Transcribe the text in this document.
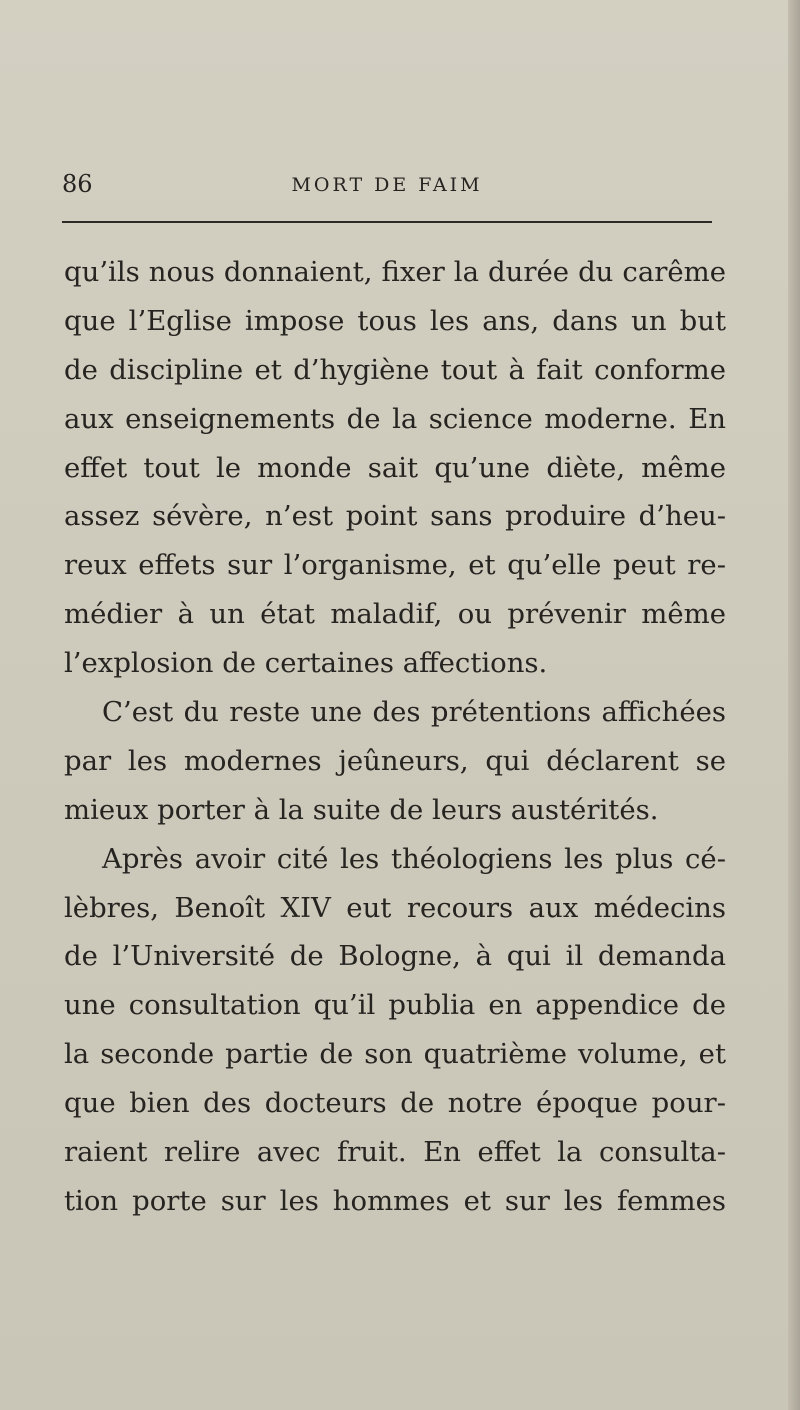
86	MORT DE FAIM
qu’ils nous donnaient, fixer la durée du carême
que l’Eglise impose tous les ans, dans un but
de discipline et d’hygiène tout à fait conforme
aux enseignements de la science moderne. En
effet tout le monde sait qu’une diète, même
assez sévère, n’est point sans produire d’heu-
reux effets sur l’organisme, et qu’elle peut re-
médier à un état maladif, ou prévenir même
l’explosion de certaines affections.
C’est du reste une des prétentions affichées
par les modernes jeûneurs, qui déclarent se
mieux porter à la suite de leurs austérités.
Après avoir cité les théologiens les plus cé-
lèbres, Benoît XIV eut recours aux médecins
de l’Université de Bologne, à qui il demanda
une consultation qu’il publia en appendice de
la seconde partie de son quatrième volume, et
que bien des docteurs de notre époque pour-
raient relire avec fruit. En effet la consulta-
tion porte sur les hommes et sur les femmes
